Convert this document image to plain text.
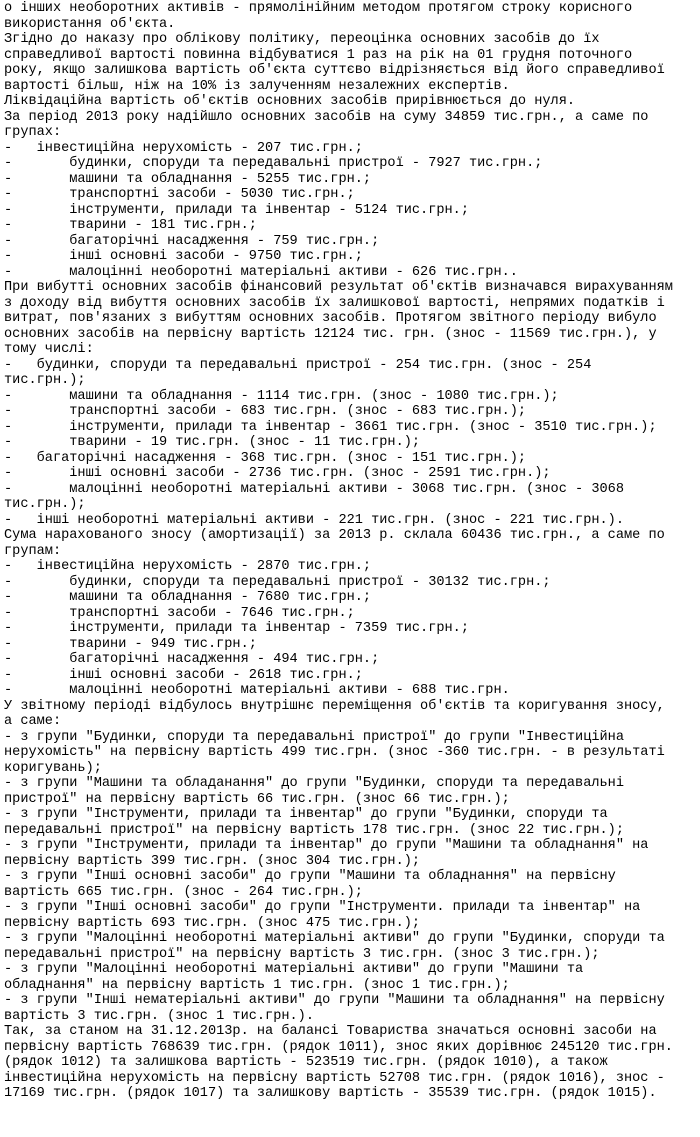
о інших необоротних активів - прямолінійним методом протягом строку корисного
використання об'єкта.
Згідно до наказу про облікову політику, переоцінка основних засобів до їх
справедливої вартості повинна відбуватися 1 раз на рік на 01 грудня поточного
року, якщо залишкова вартість об'єкта суттєво відрізняється від його справедливої
вартості більш, ніж на 10% із залученням незалежних експертів.
Ліквідаційна вартість об'єктів основних засобів прирівнюється до нуля.
За період 2013 року надійшло основних засобів на суму 34859 тис.грн., а саме по
групах:
-   інвестиційна нерухомість - 207 тис.грн.;
-       будинки, споруди та передавальні пристрої - 7927 тис.грн.;
-       машини та обладнання - 5255 тис.грн.;
-       транспортні засоби - 5030 тис.грн.;
-       інструменти, прилади та інвентар - 5124 тис.грн.;
-       тварини - 181 тис.грн.;
-       багаторічні насадження - 759 тис.грн.;
-       інші основні засоби - 9750 тис.грн.;
-       малоцінні необоротні матеріальні активи - 626 тис.грн..
При вибутті основних засобів фінансовий результат об'єктів визначався вирахуванням
з доходу від вибуття основних засобів їх залишкової вартості, непрямих податків і
витрат, пов'язаних з вибуттям основних засобів. Протягом звітного періоду вибуло
основних засобів на первісну вартість 12124 тис. грн. (знос - 11569 тис.грн.), у
тому числі:
-   будинки, споруди та передавальні пристрої - 254 тис.грн. (знос - 254
тис.грн.);
-       машини та обладнання - 1114 тис.грн. (знос - 1080 тис.грн.);
-       транспортні засоби - 683 тис.грн. (знос - 683 тис.грн.);
-       інструменти, прилади та інвентар - 3661 тис.грн. (знос - 3510 тис.грн.);
-       тварини - 19 тис.грн. (знос - 11 тис.грн.);
-   багаторічні насадження - 368 тис.грн. (знос - 151 тис.грн.);
-       інші основні засоби - 2736 тис.грн. (знос - 2591 тис.грн.);
-       малоцінні необоротні матеріальні активи - 3068 тис.грн. (знос - 3068
тис.грн.);
-   інші необоротні матеріальні активи - 221 тис.грн. (знос - 221 тис.грн.).
Сума нарахованого зносу (амортизації) за 2013 р. склала 60436 тис.грн., а саме по
групам:
-   інвестиційна нерухомість - 2870 тис.грн.;
-       будинки, споруди та передавальні пристрої - 30132 тис.грн.;
-       машини та обладнання - 7680 тис.грн.;
-       транспортні засоби - 7646 тис.грн.;
-       інструменти, прилади та інвентар - 7359 тис.грн.;
-       тварини - 949 тис.грн.;
-       багаторічні насадження - 494 тис.грн.;
-       інші основні засоби - 2618 тис.грн.;
-       малоцінні необоротні матеріальні активи - 688 тис.грн.
У звітному періоді відбулось внутрішнє переміщення об'єктів та коригування зносу,
а саме:
- з групи "Будинки, споруди та передавальні пристрої" до групи "Інвестиційна
нерухомість" на первісну вартість 499 тис.грн. (знос -360 тис.грн. - в результаті
коригувань);
- з групи "Машини та обладанання" до групи "Будинки, споруди та передавальні
пристрої" на первісну вартість 66 тис.грн. (знос 66 тис.грн.);
- з групи "Інструменти, прилади та інвентар" до групи "Будинки, споруди та
передавальні пристрої" на первісну вартість 178 тис.грн. (знос 22 тис.грн.);
- з групи "Інструменти, прилади та інвентар" до групи "Машини та обладнання" на
первісну вартість 399 тис.грн. (знос 304 тис.грн.);
- з групи "Інші основні засоби" до групи "Машини та обладнання" на первісну
вартість 665 тис.грн. (знос - 264 тис.грн.);
- з групи "Інші основні засоби" до групи "Інструменти. прилади та інвентар" на
первісну вартість 693 тис.грн. (знос 475 тис.грн.);
- з групи "Малоцінні необоротні матеріальні активи" до групи "Будинки, споруди та
передавальні пристрої" на первісну вартість 3 тис.грн. (знос 3 тис.грн.);
- з групи "Малоцінні необоротні матеріальні активи" до групи "Машини та
обладнання" на первісну вартість 1 тис.грн. (знос 1 тис.грн.);
- з групи "Інші нематеріальні активи" до групи "Машини та обладнання" на первісну
вартість 3 тис.грн. (знос 1 тис.грн.).
Так, за станом на 31.12.2013р. на балансі Товариства значаться основні засоби на
первісну вартість 768639 тис.грн. (рядок 1011), знос яких дорівнює 245120 тис.грн.
(рядок 1012) та залишкова вартість - 523519 тис.грн. (рядок 1010), а також
інвестиційна нерухомість на первісну вартість 52708 тис.грн. (рядок 1016), знос -
17169 тис.грн. (рядок 1017) та залишкову вартість - 35539 тис.грн. (рядок 1015).
